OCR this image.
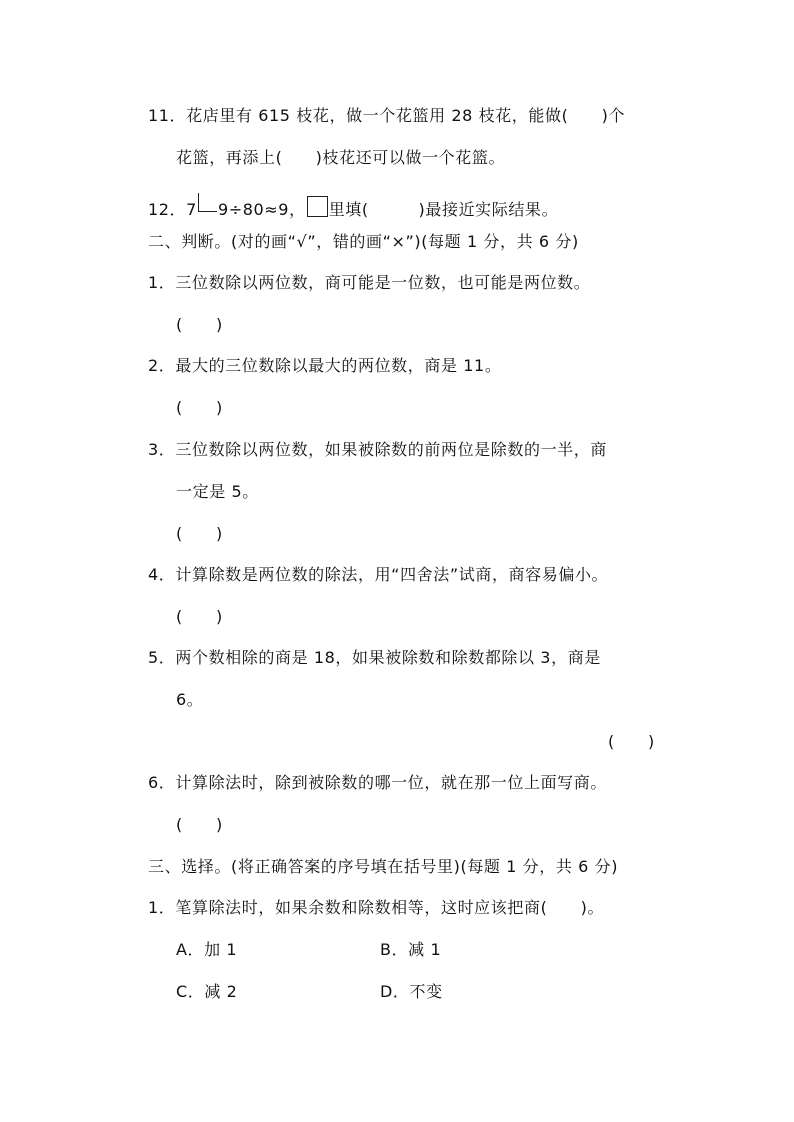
11．花店里有 615 枝花，做一个花篮用 28 枝花，能做(　　)个
花篮，再添上(　　)枝花还可以做一个花篮。
12．7 9÷80≈9， 里填(　　　)最接近实际结果。
二、判断。(对的画“√”，错的画“×”)(每题 1 分，共 6 分)
1．三位数除以两位数，商可能是一位数，也可能是两位数。
(　　)
2．最大的三位数除以最大的两位数，商是 11。
(　　)
3．三位数除以两位数，如果被除数的前两位是除数的一半，商
一定是 5。
(　　)
4．计算除数是两位数的除法，用“四舍法”试商，商容易偏小。
(　　)
5．两个数相除的商是 18，如果被除数和除数都除以 3，商是
6。
(　　)
6．计算除法时，除到被除数的哪一位，就在那一位上面写商。
(　　)
三、选择。(将正确答案的序号填在括号里)(每题 1 分，共 6 分)
1．笔算除法时，如果余数和除数相等，这时应该把商(　　)。
A．加 1	B．减 1
C．减 2	D．不变
